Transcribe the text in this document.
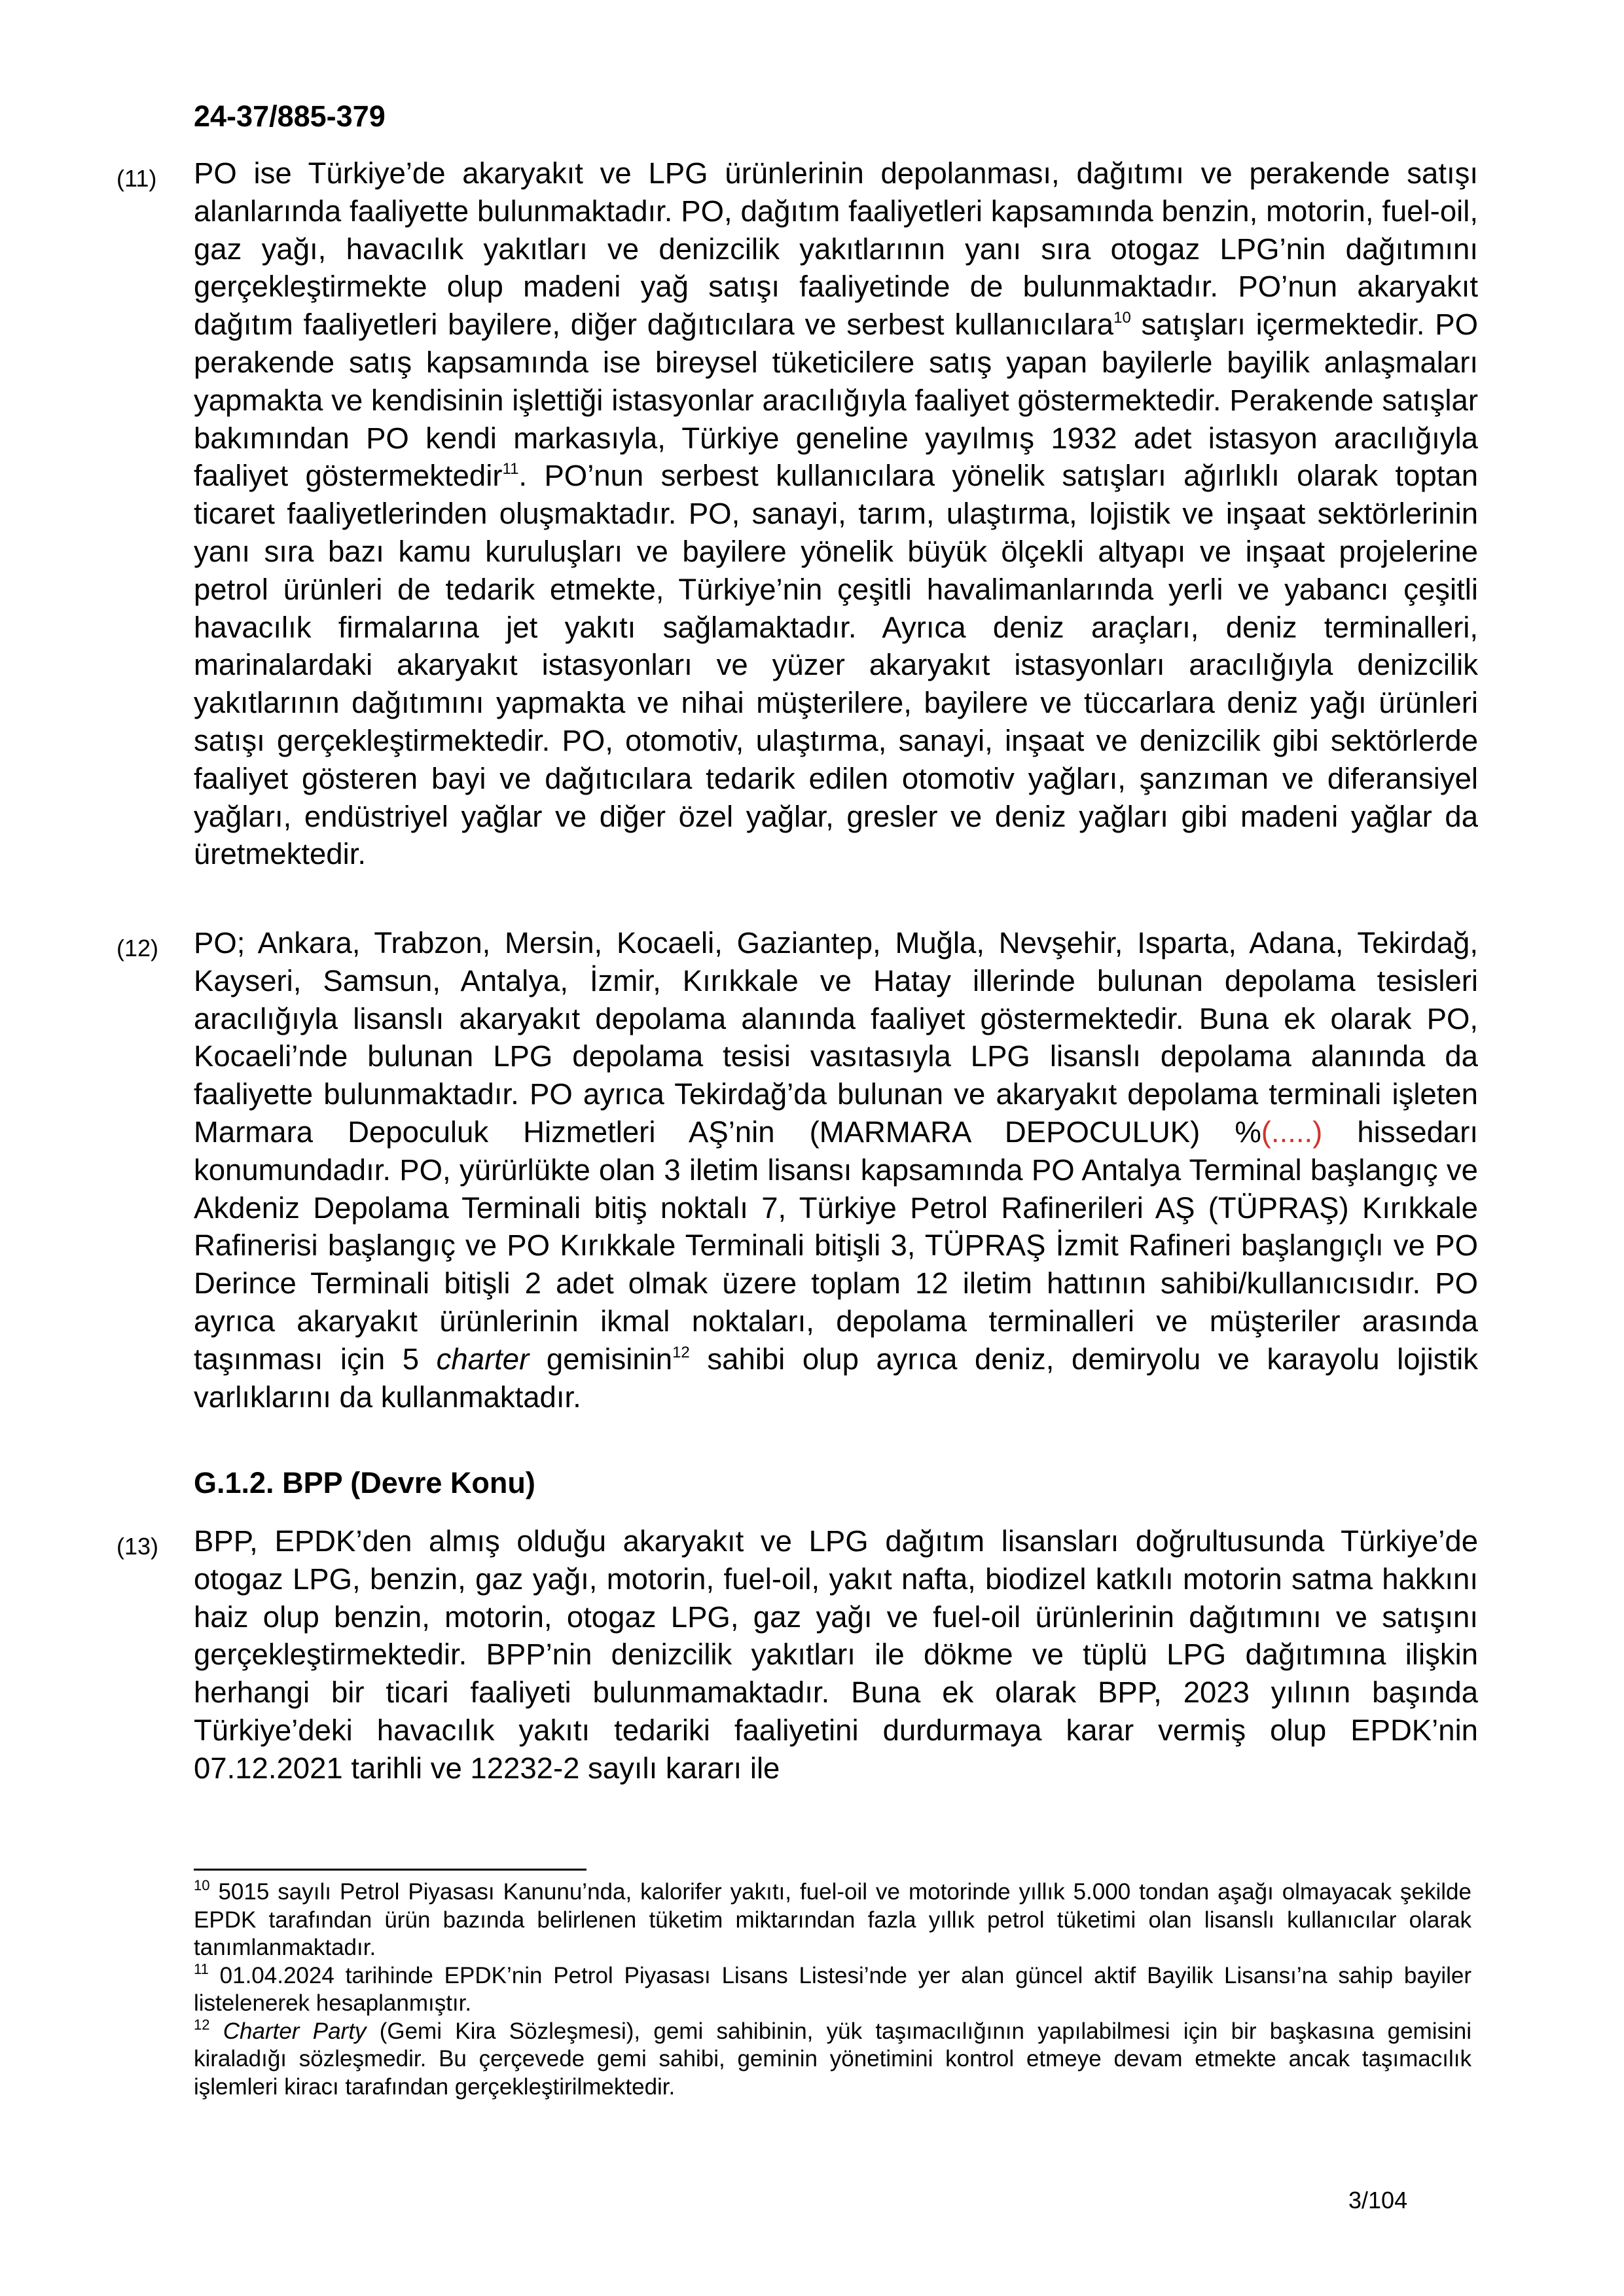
24-37/885-379
(11)	PO ise Türkiye’de akaryakıt ve LPG ürünlerinin depolanması, dağıtımı ve perakende satışı alanlarında faaliyette bulunmaktadır. PO, dağıtım faaliyetleri kapsamında benzin, motorin, fuel-oil, gaz yağı, havacılık yakıtları ve denizcilik yakıtlarının yanı sıra otogaz LPG’nin dağıtımını gerçekleştirmekte olup madeni yağ satışı faaliyetinde de bulunmaktadır. PO’nun akaryakıt dağıtım faaliyetleri bayilere, diğer dağıtıcılara ve serbest kullanıcılara$^{10}$ satışları içermektedir. PO perakende satış kapsamında ise bireysel tüketicilere satış yapan bayilerle bayilik anlaşmaları yapmakta ve kendisinin işlettiği istasyonlar aracılığıyla faaliyet göstermektedir. Perakende satışlar bakımından PO kendi markasıyla, Türkiye geneline yayılmış 1932 adet istasyon aracılığıyla faaliyet göstermektedir$^{11}$. PO’nun serbest kullanıcılara yönelik satışları ağırlıklı olarak toptan ticaret faaliyetlerinden oluşmaktadır. PO, sanayi, tarım, ulaştırma, lojistik ve inşaat sektörlerinin yanı sıra bazı kamu kuruluşları ve bayilere yönelik büyük ölçekli altyapı ve inşaat projelerine petrol ürünleri de tedarik etmekte, Türkiye’nin çeşitli havalimanlarında yerli ve yabancı çeşitli havacılık firmalarına jet yakıtı sağlamaktadır. Ayrıca deniz araçları, deniz terminalleri, marinalardaki akaryakıt istasyonları ve yüzer akaryakıt istasyonları aracılığıyla denizcilik yakıtlarının dağıtımını yapmakta ve nihai müşterilere, bayilere ve tüccarlara deniz yağı ürünleri satışı gerçekleştirmektedir. PO, otomotiv, ulaştırma, sanayi, inşaat ve denizcilik gibi sektörlerde faaliyet gösteren bayi ve dağıtıcılara tedarik edilen otomotiv yağları, şanzıman ve diferansiyel yağları, endüstriyel yağlar ve diğer özel yağlar, gresler ve deniz yağları gibi madeni yağlar da üretmektedir.
(12)	PO; Ankara, Trabzon, Mersin, Kocaeli, Gaziantep, Muğla, Nevşehir, Isparta, Adana, Tekirdağ, Kayseri, Samsun, Antalya, İzmir, Kırıkkale ve Hatay illerinde bulunan depolama tesisleri aracılığıyla lisanslı akaryakıt depolama alanında faaliyet göstermektedir. Buna ek olarak PO, Kocaeli’nde bulunan LPG depolama tesisi vasıtasıyla LPG lisanslı depolama alanında da faaliyette bulunmaktadır. PO ayrıca Tekirdağ’da bulunan ve akaryakıt depolama terminali işleten Marmara Depoculuk Hizmetleri AŞ’nin (MARMARA DEPOCULUK) %(.....) hissedarı konumundadır. PO, yürürlükte olan 3 iletim lisansı kapsamında PO Antalya Terminal başlangıç ve Akdeniz Depolama Terminali bitiş noktalı 7, Türkiye Petrol Rafinerileri AŞ (TÜPRAŞ) Kırıkkale Rafinerisi başlangıç ve PO Kırıkkale Terminali bitişli 3, TÜPRAŞ İzmit Rafineri başlangıçlı ve PO Derince Terminali bitişli 2 adet olmak üzere toplam 12 iletim hattının sahibi/kullanıcısıdır. PO ayrıca akaryakıt ürünlerinin ikmal noktaları, depolama terminalleri ve müşteriler arasında taşınması için 5 charter gemisinin$^{12}$ sahibi olup ayrıca deniz, demiryolu ve karayolu lojistik varlıklarını da kullanmaktadır.
G.1.2. BPP (Devre Konu)
(13)	BPP, EPDK’den almış olduğu akaryakıt ve LPG dağıtım lisansları doğrultusunda Türkiye’de otogaz LPG, benzin, gaz yağı, motorin, fuel-oil, yakıt nafta, biodizel katkılı motorin satma hakkını haiz olup benzin, motorin, otogaz LPG, gaz yağı ve fuel-oil ürünlerinin dağıtımını ve satışını gerçekleştirmektedir. BPP’nin denizcilik yakıtları ile dökme ve tüplü LPG dağıtımına ilişkin herhangi bir ticari faaliyeti bulunmamaktadır. Buna ek olarak BPP, 2023 yılının başında Türkiye’deki havacılık yakıtı tedariki faaliyetini durdurmaya karar vermiş olup EPDK’nin 07.12.2021 tarihli ve 12232-2 sayılı kararı ile
$^{10}$ 5015 sayılı Petrol Piyasası Kanunu’nda, kalorifer yakıtı, fuel-oil ve motorinde yıllık 5.000 tondan aşağı olmayacak şekilde EPDK tarafından ürün bazında belirlenen tüketim miktarından fazla yıllık petrol tüketimi olan lisanslı kullanıcılar olarak tanımlanmaktadır.
$^{11}$ 01.04.2024 tarihinde EPDK’nin Petrol Piyasası Lisans Listesi’nde yer alan güncel aktif Bayilik Lisansı’na sahip bayiler listelenerek hesaplanmıştır.
$^{12}$ Charter Party (Gemi Kira Sözleşmesi), gemi sahibinin, yük taşımacılığının yapılabilmesi için bir başkasına gemisini kiraladığı sözleşmedir. Bu çerçevede gemi sahibi, geminin yönetimini kontrol etmeye devam etmekte ancak taşımacılık işlemleri kiracı tarafından gerçekleştirilmektedir.
3/104
